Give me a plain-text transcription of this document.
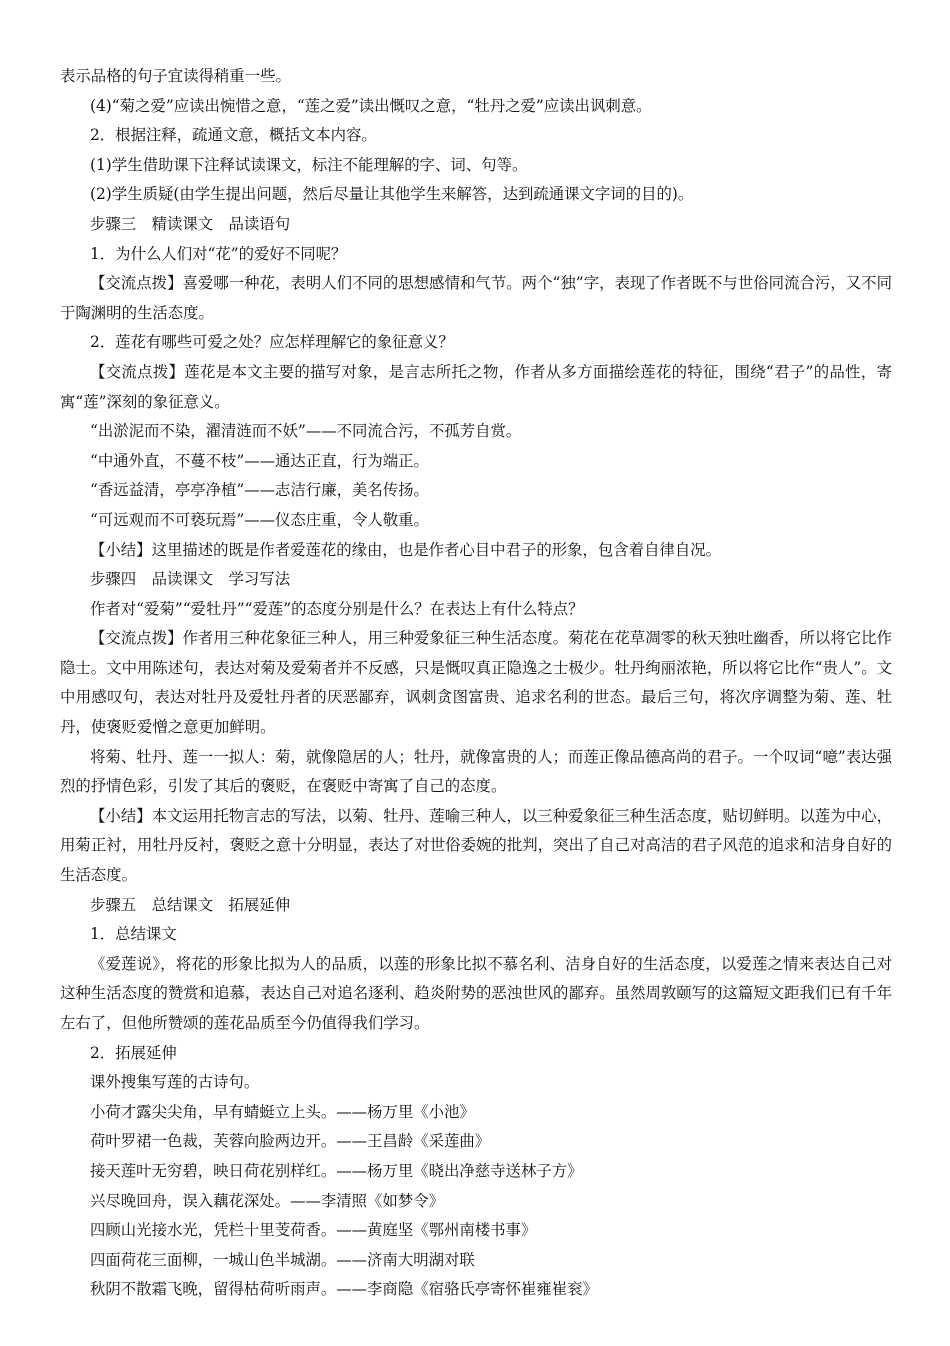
表示品格的句子宜读得稍重一些。

(4)“菊之爱”应读出惋惜之意，“莲之爱”读出慨叹之意，“牡丹之爱”应读出讽刺意。

2．根据注释，疏通文意，概括文本内容。

(1)学生借助课下注释试读课文，标注不能理解的字、词、句等。

(2)学生质疑(由学生提出问题，然后尽量让其他学生来解答，达到疏通课文字词的目的)。

步骤三　精读课文　品读语句

1．为什么人们对“花”的爱好不同呢？

【交流点拨】喜爱哪一种花，表明人们不同的思想感情和气节。两个“独”字，表现了作者既不与世俗同流合污，又不同于陶渊明的生活态度。

2．莲花有哪些可爱之处？应怎样理解它的象征意义？

【交流点拨】莲花是本文主要的描写对象，是言志所托之物，作者从多方面描绘莲花的特征，围绕“君子”的品性，寄寓“莲”深刻的象征意义。

“出淤泥而不染，濯清涟而不妖”——不同流合污，不孤芳自赏。

“中通外直，不蔓不枝”——通达正直，行为端正。

“香远益清，亭亭净植”——志洁行廉，美名传扬。

“可远观而不可亵玩焉”——仪态庄重，令人敬重。

【小结】这里描述的既是作者爱莲花的缘由，也是作者心目中君子的形象，包含着自律自况。

步骤四　品读课文　学习写法

作者对“爱菊”“爱牡丹”“爱莲”的态度分别是什么？在表达上有什么特点？

【交流点拨】作者用三种花象征三种人，用三种爱象征三种生活态度。菊花在花草凋零的秋天独吐幽香，所以将它比作隐士。文中用陈述句，表达对菊及爱菊者并不反感，只是慨叹真正隐逸之士极少。牡丹绚丽浓艳，所以将它比作“贵人”。文中用感叹句，表达对牡丹及爱牡丹者的厌恶鄙弃，讽刺贪图富贵、追求名利的世态。最后三句，将次序调整为菊、莲、牡丹，使褒贬爱憎之意更加鲜明。

将菊、牡丹、莲一一拟人：菊，就像隐居的人；牡丹，就像富贵的人；而莲正像品德高尚的君子。一个叹词“噫”表达强烈的抒情色彩，引发了其后的褒贬，在褒贬中寄寓了自己的态度。

【小结】本文运用托物言志的写法，以菊、牡丹、莲喻三种人，以三种爱象征三种生活态度，贴切鲜明。以莲为中心，用菊正衬，用牡丹反衬，褒贬之意十分明显，表达了对世俗委婉的批判，突出了自己对高洁的君子风范的追求和洁身自好的生活态度。

步骤五　总结课文　拓展延伸

1．总结课文

《爱莲说》，将花的形象比拟为人的品质，以莲的形象比拟不慕名利、洁身自好的生活态度，以爱莲之情来表达自己对这种生活态度的赞赏和追慕，表达自己对追名逐利、趋炎附势的恶浊世风的鄙弃。虽然周敦颐写的这篇短文距我们已有千年左右了，但他所赞颂的莲花品质至今仍值得我们学习。

2．拓展延伸

课外搜集写莲的古诗句。

小荷才露尖尖角，早有蜻蜓立上头。——杨万里《小池》

荷叶罗裙一色裁，芙蓉向脸两边开。——王昌龄《采莲曲》

接天莲叶无穷碧，映日荷花别样红。——杨万里《晓出净慈寺送林子方》

兴尽晚回舟，误入藕花深处。——李清照《如梦令》

四顾山光接水光，凭栏十里芰荷香。——黄庭坚《鄂州南楼书事》

四面荷花三面柳，一城山色半城湖。——济南大明湖对联

秋阴不散霜飞晚，留得枯荷听雨声。——李商隐《宿骆氏亭寄怀崔雍崔衮》
